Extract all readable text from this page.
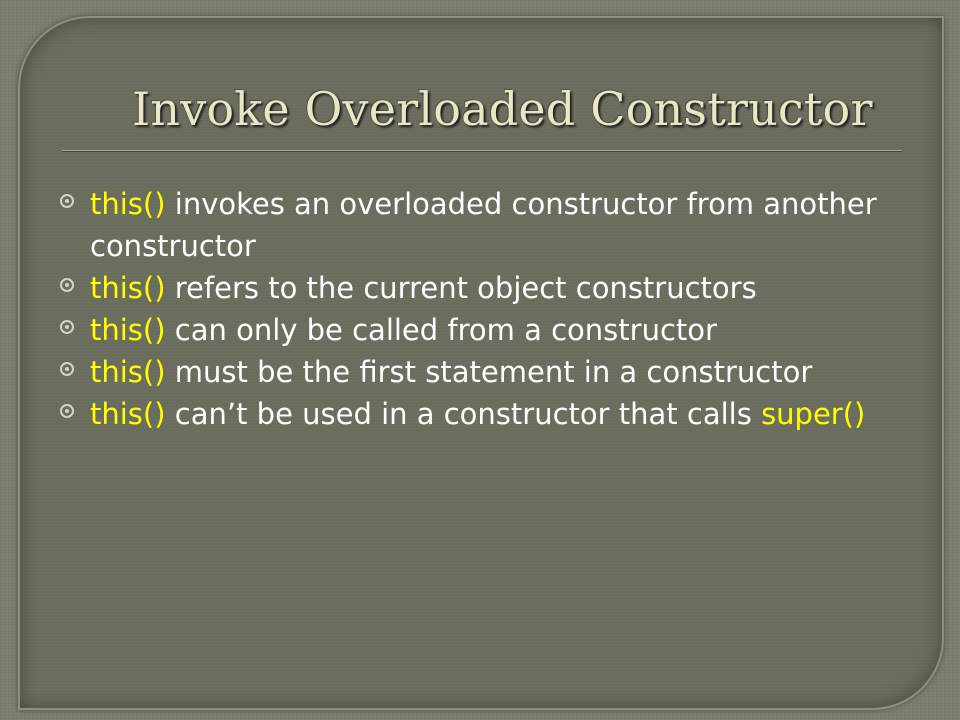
Invoke Overloaded Constructor
this() invokes an overloaded constructor from another constructor
this() refers to the current object constructors
this() can only be called from a constructor
this() must be the first statement in a constructor
this() can’t be used in a constructor that calls super()
